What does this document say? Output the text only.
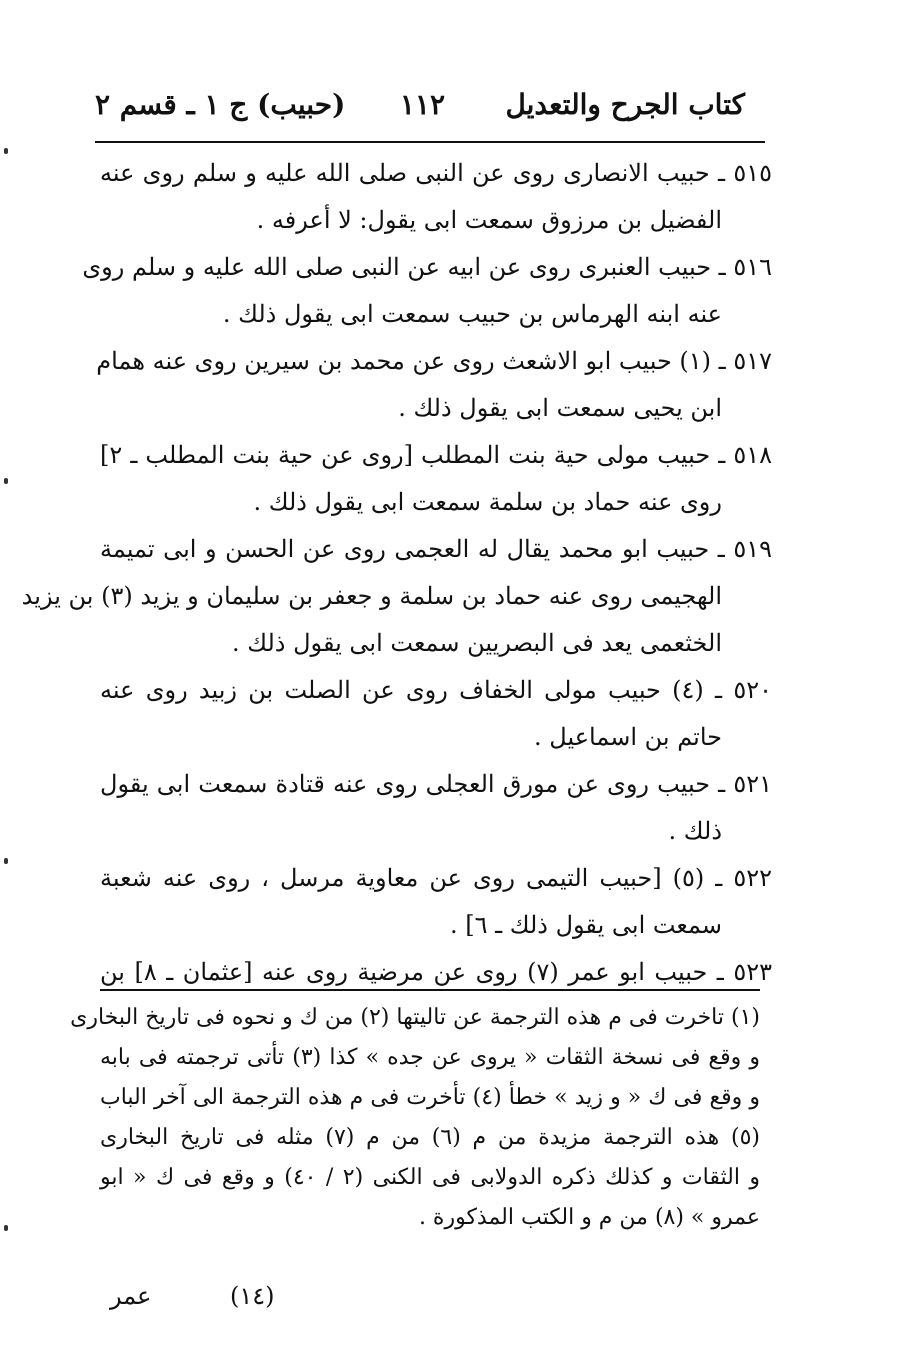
كتاب الجرح والتعديل
١١٢
(حبيب) ج ١ ـ قسم ٢
٥١٥ ـ حبيب الانصاری روی عن النبی صلی الله علیه و سلم روی عنه
الفضیل بن مرزوق سمعت ابی یقول: لا أعرفه .
٥١٦ ـ حبیب العنبری روی عن ابیه عن النبی صلی الله علیه و سلم روی
عنه ابنه الهرماس بن حبیب سمعت ابی یقول ذلك .
٥١٧ ـ (١) حبیب ابو الاشعث روی عن محمد بن سیرین روی عنه همام
ابن یحیی سمعت ابی یقول ذلك .
٥١٨ ـ حبیب مولی حیة بنت المطلب [روی عن حیة بنت المطلب ـ ٢]
روی عنه حماد بن سلمة سمعت ابی یقول ذلك .
٥١٩ ـ حبیب ابو محمد یقال له العجمی روی عن الحسن و ابی تمیمة
الهجیمی روی عنه حماد بن سلمة و جعفر بن سلیمان و یزید (٣) بن یزید
الخثعمی یعد فی البصریین سمعت ابی یقول ذلك .
٥٢٠ ـ (٤) حبیب مولی الخفاف روی عن الصلت بن زبید روی عنه
حاتم بن اسماعیل .
٥٢١ ـ حبیب روی عن مورق العجلی روی عنه قتادة سمعت ابی یقول
ذلك .
٥٢٢ ـ (٥) [حبیب التیمی روی عن معاویة مرسل ، روی عنه شعبة
سمعت ابی یقول ذلك ـ ٦] .
٥٢٣ ـ حبیب ابو عمر (٧) روی عن مرضیة روی عنه [عثمان ـ ٨] بن
(١) تاخرت فی م هذه الترجمة عن تالیتها (٢) من ك و نحوه فی تاریخ البخاری
و وقع فی نسخة الثقات « یروی عن جده » كذا (٣) تأتی ترجمته فی بابه
و وقع فی ك « و زید » خطأ (٤) تأخرت فی م هذه الترجمة الی آخر الباب
(٥) هذه الترجمة مزیدة من م (٦) من م (٧) مثله فی تاریخ البخاری
و الثقات و كذلك ذكره الدولابی فی الكنی (٢ / ٤٠) و وقع فی ك « ابو
عمرو » (٨) من م و الكتب المذكورة .
عمر	(١٤)
